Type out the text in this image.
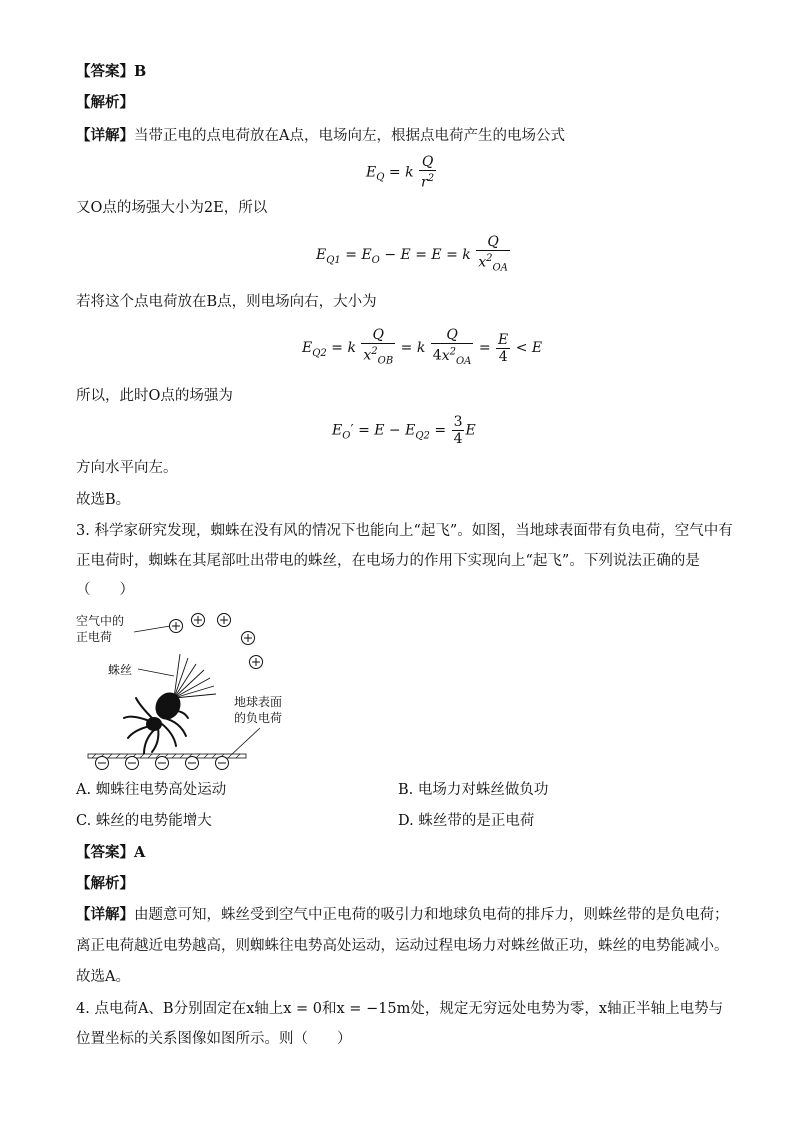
【答案】B
【解析】
【详解】当带正电的点电荷放在A点，电场向左，根据点电荷产生的电场公式
$E_Q = k \frac{Q}{r^2}$
又O点的场强大小为2E，所以
$E_{Q1} = E_O - E = E = k \frac{Q}{x^2_{OA}}$
若将这个点电荷放在B点，则电场向右，大小为
$E_{Q2} = k \frac{Q}{x^2_{OB}} = k \frac{Q}{4x^2_{OA}} = \frac{E}{4} < E$
所以，此时O点的场强为
$E_O' = E - E_{Q2} = \frac{3}{4}$ E
方向水平向左。
故选B。
3. 科学家研究发现，蜘蛛在没有风的情况下也能向上“起飞”。如图，当地球表面带有负电荷，空气中有
正电荷时，蜘蛛在其尾部吐出带电的蛛丝，在电场力的作用下实现向上“起飞”。下列说法正确的是
（　　）
空气中的
正电荷
蛛丝
地球表面
的负电荷
A. 蜘蛛往电势高处运动	B. 电场力对蛛丝做负功
C. 蛛丝的电势能增大	D. 蛛丝带的是正电荷
【答案】A
【解析】
【详解】由题意可知，蛛丝受到空气中正电荷的吸引力和地球负电荷的排斥力，则蛛丝带的是负电荷；
离正电荷越近电势越高，则蜘蛛往电势高处运动，运动过程电场力对蛛丝做正功，蛛丝的电势能减小。
故选A。
4. 点电荷A、B分别固定在x轴上x = 0和x = −15m处，规定无穷远处电势为零，x轴正半轴上电势与
位置坐标的关系图像如图所示。则（　　）
